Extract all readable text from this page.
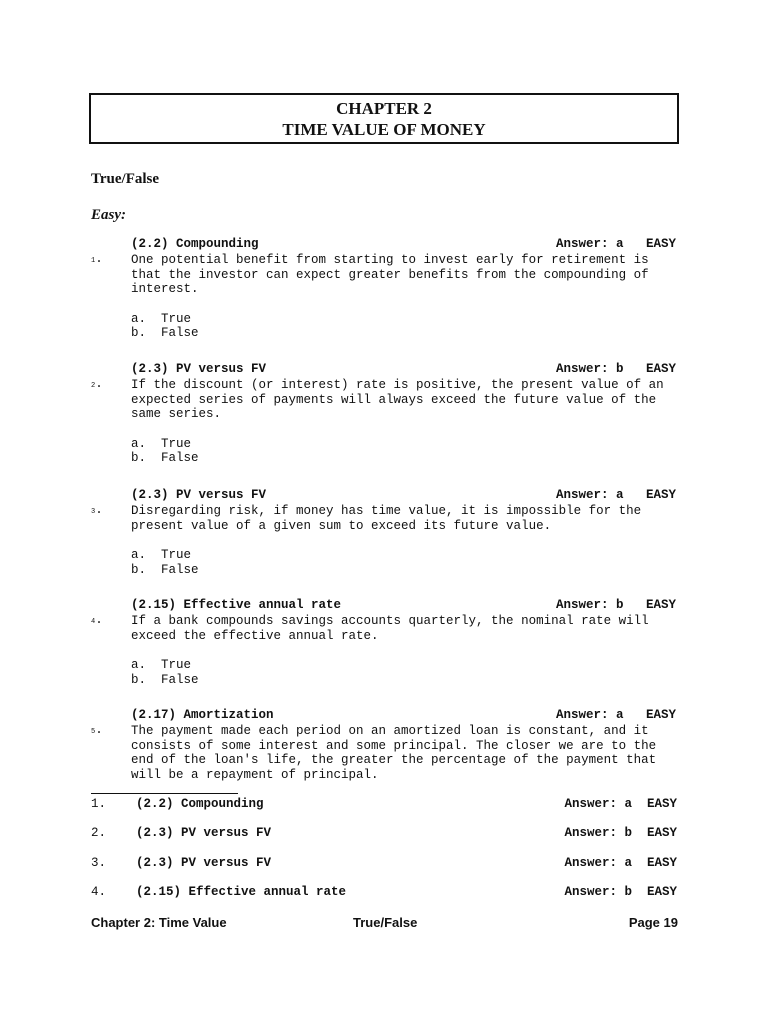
CHAPTER 2
TIME VALUE OF MONEY
True/False
Easy:
(2.2) Compounding	Answer: a   EASY
1. One potential benefit from starting to invest early for retirement is
that the investor can expect greater benefits from the compounding of
interest.
a.  True
b.  False
(2.3) PV versus FV	Answer: b   EASY
2. If the discount (or interest) rate is positive, the present value of an
expected series of payments will always exceed the future value of the
same series.
a.  True
b.  False
(2.3) PV versus FV	Answer: a   EASY
3. Disregarding risk, if money has time value, it is impossible for the
present value of a given sum to exceed its future value.
a.  True
b.  False
(2.15) Effective annual rate	Answer: b   EASY
4. If a bank compounds savings accounts quarterly, the nominal rate will
exceed the effective annual rate.
a.  True
b.  False
(2.17) Amortization	Answer: a   EASY
5. The payment made each period on an amortized loan is constant, and it
consists of some interest and some principal. The closer we are to the
end of the loan's life, the greater the percentage of the payment that
will be a repayment of principal.
1. (2.2) Compounding	Answer: a  EASY
2. (2.3) PV versus FV	Answer: b  EASY
3. (2.3) PV versus FV	Answer: a  EASY
4. (2.15) Effective annual rate	Answer: b  EASY
Chapter 2: Time Value	True/False	Page 19
